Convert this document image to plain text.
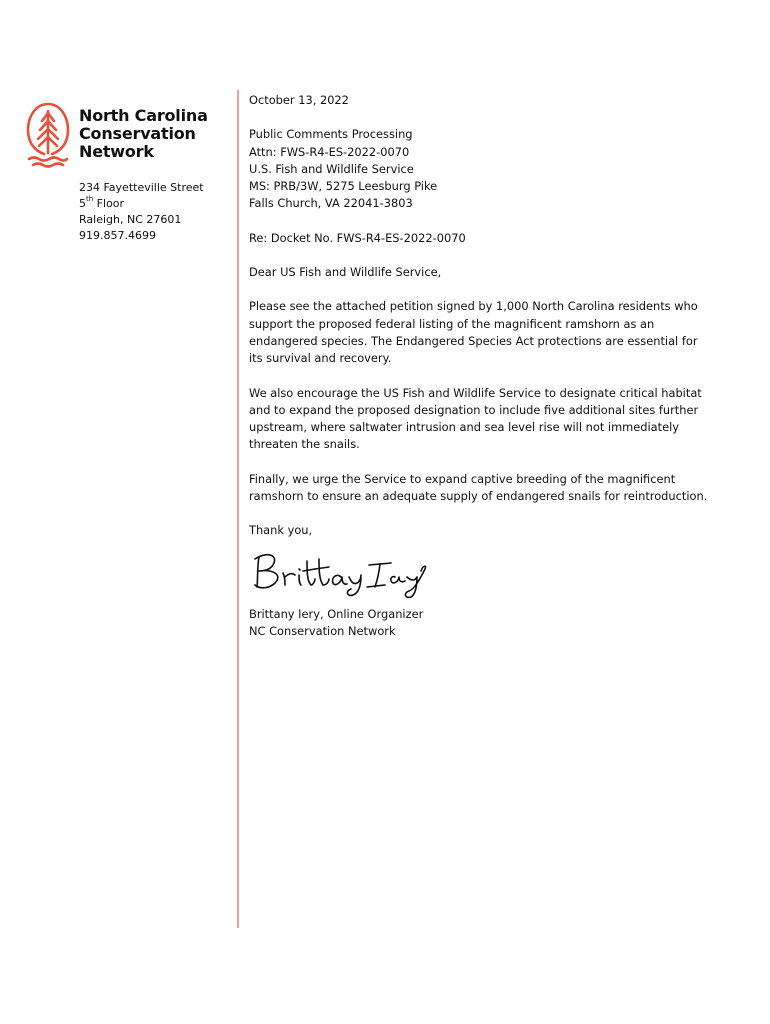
North Carolina
Conservation
Network
234 Fayetteville Street
5th Floor
Raleigh, NC 27601
919.857.4699

October 13, 2022

Public Comments Processing
Attn: FWS-R4-ES-2022-0070
U.S. Fish and Wildlife Service
MS: PRB/3W, 5275 Leesburg Pike
Falls Church, VA 22041-3803

Re: Docket No. FWS-R4-ES-2022-0070

Dear US Fish and Wildlife Service,

Please see the attached petition signed by 1,000 North Carolina residents who
support the proposed federal listing of the magnificent ramshorn as an
endangered species. The Endangered Species Act protections are essential for
its survival and recovery.

We also encourage the US Fish and Wildlife Service to designate critical habitat
and to expand the proposed designation to include five additional sites further
upstream, where saltwater intrusion and sea level rise will not immediately
threaten the snails.

Finally, we urge the Service to expand captive breeding of the magnificent
ramshorn to ensure an adequate supply of endangered snails for reintroduction.

Thank you,

Brittany Iery, Online Organizer
NC Conservation Network
